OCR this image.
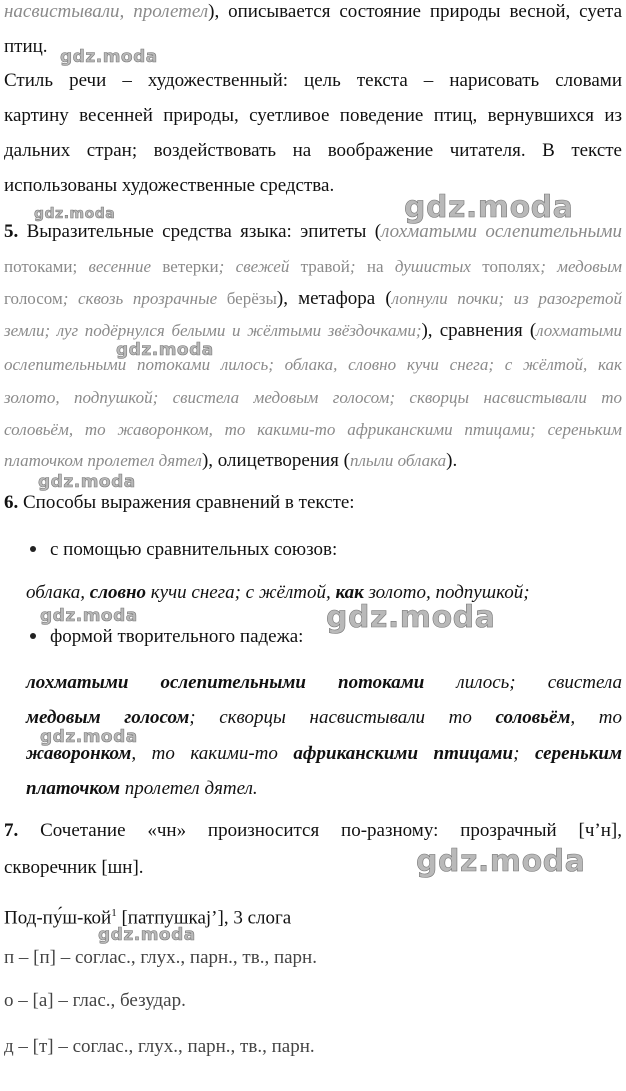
насвистывали, пролетел), описывается состояние природы весной, суета
птиц.
Стиль речи – художественный: цель текста – нарисовать словами
картину весенней природы, суетливое поведение птиц, вернувшихся из
дальних стран; воздействовать на воображение читателя. В тексте
использованы художественные средства.
5. Выразительные средства языка: эпитеты (лохматыми ослепительными
потоками; весенние ветерки; свежей травой; на душистых тополях; медовым
голосом; сквозь прозрачные берёзы), метафора (лопнули почки; из разогретой
земли; луг подёрнулся белыми и жёлтыми звёздочками;), сравнения (лохматыми
ослепительными потоками лилось; облака, словно кучи снега; с жёлтой, как
золото, подпушкой; свистела медовым голосом; скворцы насвистывали то
соловьём, то жаворонком, то какими-то африканскими птицами; сереньким
платочком пролетел дятел), олицетворения (плыли облака).
6. Способы выражения сравнений в тексте:
с помощью сравнительных союзов:
облака, словно кучи снега; с жёлтой, как золото, подпушкой;
формой творительного падежа:
лохматыми ослепительными потоками лилось; свистела
медовым голосом; скворцы насвистывали то соловьём, то
жаворонком, то какими-то африканскими птицами; сереньким
платочком пролетел дятел.
7. Сочетание «чн» произносится по-разному: прозрачный [ч’н],
скворечник [шн].
Под-пу́ш-кой$^1$ [патпушкаj’], 3 слога
п – [п] – соглас., глух., парн., тв., парн.
о – [а] – глас., безудар.
д – [т] – соглас., глух., парн., тв., парн.
gdz.moda
gdz.moda
gdz.moda
gdz.moda
gdz.moda
gdz.moda	gdz.moda
gdz.moda
gdz.moda
gdz.moda
